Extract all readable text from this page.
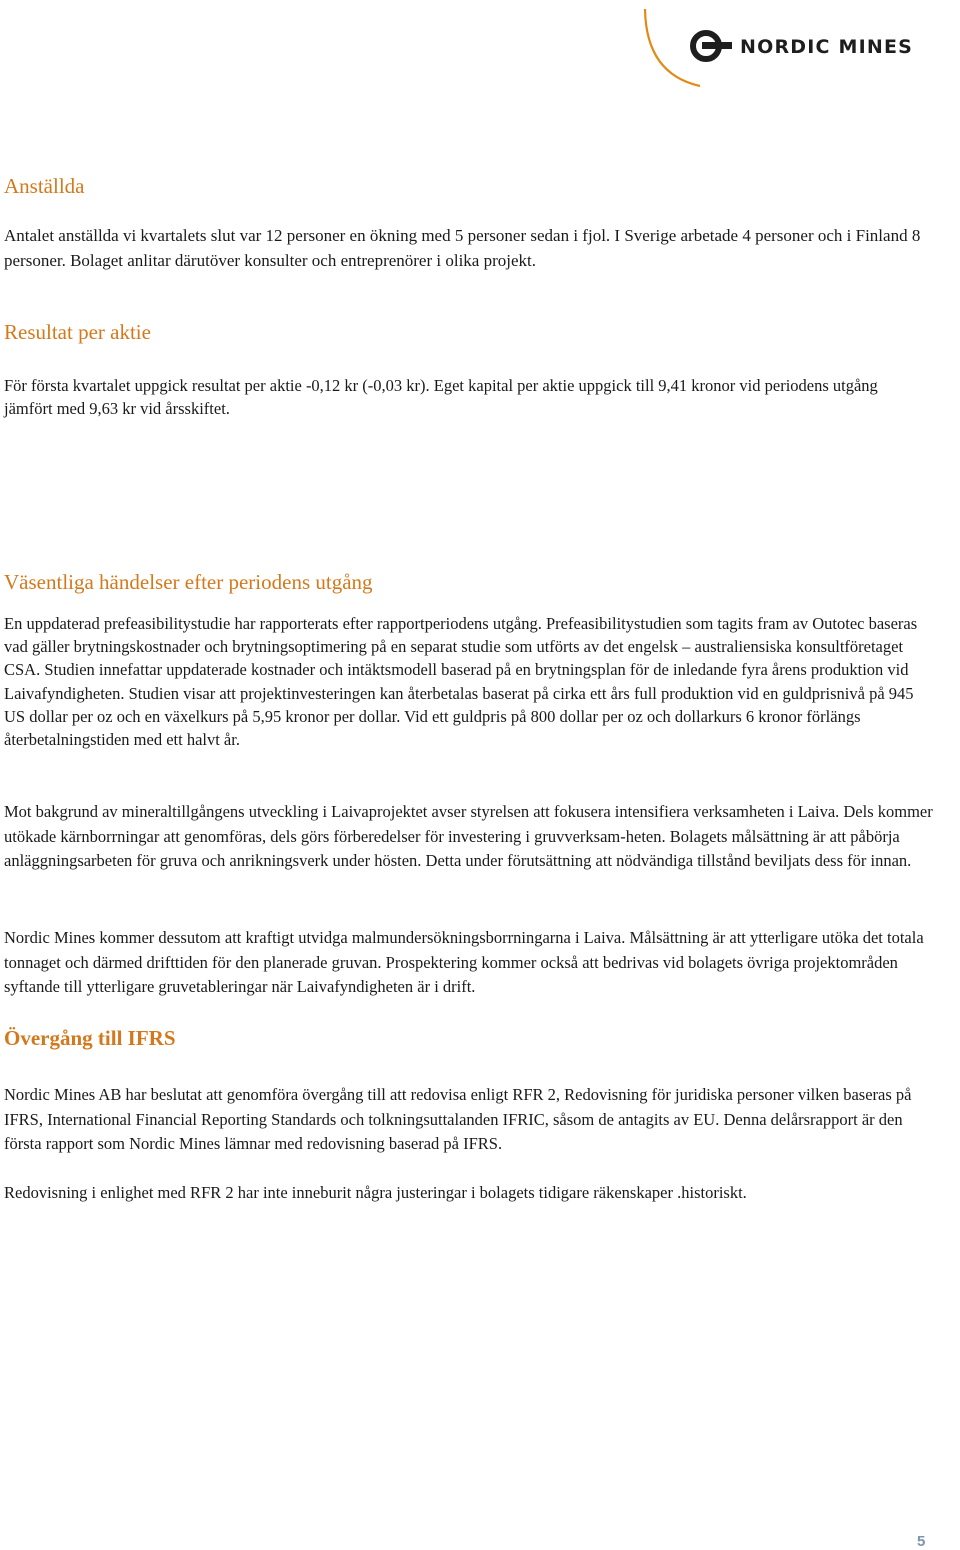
NORDIC MINES
Anställda

Antalet anställda vi kvartalets slut var 12 personer en ökning med 5 personer sedan i fjol. I Sverige arbetade 4 personer och i Finland 8 personer. Bolaget anlitar därutöver konsulter och entreprenörer i olika projekt.

Resultat per aktie

För första kvartalet uppgick resultat per aktie -0,12 kr (-0,03 kr). Eget kapital per aktie uppgick till 9,41 kronor vid periodens utgång jämfört med 9,63 kr vid årsskiftet.

Väsentliga händelser efter periodens utgång

En uppdaterad prefeasibilitystudie har rapporterats efter rapportperiodens utgång. Prefeasibilitystudien som tagits fram av Outotec baseras vad gäller brytningskostnader och brytningsoptimering på en separat studie som utförts av det engelsk – australiensiska konsultföretaget CSA. Studien innefattar uppdaterade kostnader och intäktsmodell baserad på en brytningsplan för de inledande fyra årens produktion vid Laivafyndigheten. Studien visar att projektinvesteringen kan återbetalas baserat på cirka ett års full produktion vid en guldprisnivå på 945 US dollar per oz och en växelkurs på 5,95 kronor per dollar. Vid ett guldpris på 800 dollar per oz och dollarkurs 6 kronor förlängs återbetalningstiden med ett halvt år.

Mot bakgrund av mineraltillgångens utveckling i Laivaprojektet avser styrelsen att fokusera intensifiera verksamheten i Laiva. Dels kommer utökade kärnborrningar att genomföras, dels görs förberedelser för investering i gruvverksam-heten. Bolagets målsättning är att påbörja anläggningsarbeten för gruva och anrikningsverk under hösten. Detta under förutsättning att nödvändiga tillstånd beviljats dess för innan.

Nordic Mines kommer dessutom att kraftigt utvidga malmundersökningsborrningarna i Laiva. Målsättning är att ytterligare utöka det totala tonnaget och därmed drifttiden för den planerade gruvan. Prospektering kommer också att bedrivas vid bolagets övriga projektområden syftande till ytterligare gruvetableringar när Laivafyndigheten är i drift.

Övergång till IFRS

Nordic Mines AB har beslutat att genomföra övergång till att redovisa enligt RFR 2, Redovisning för juridiska personer vilken baseras på IFRS, International Financial Reporting Standards och tolkningsuttalanden IFRIC, såsom de antagits av EU. Denna delårsrapport är den första rapport som Nordic Mines lämnar med redovisning baserad på IFRS.

Redovisning i enlighet med RFR 2 har inte inneburit några justeringar i bolagets tidigare räkenskaper .historiskt.

5
